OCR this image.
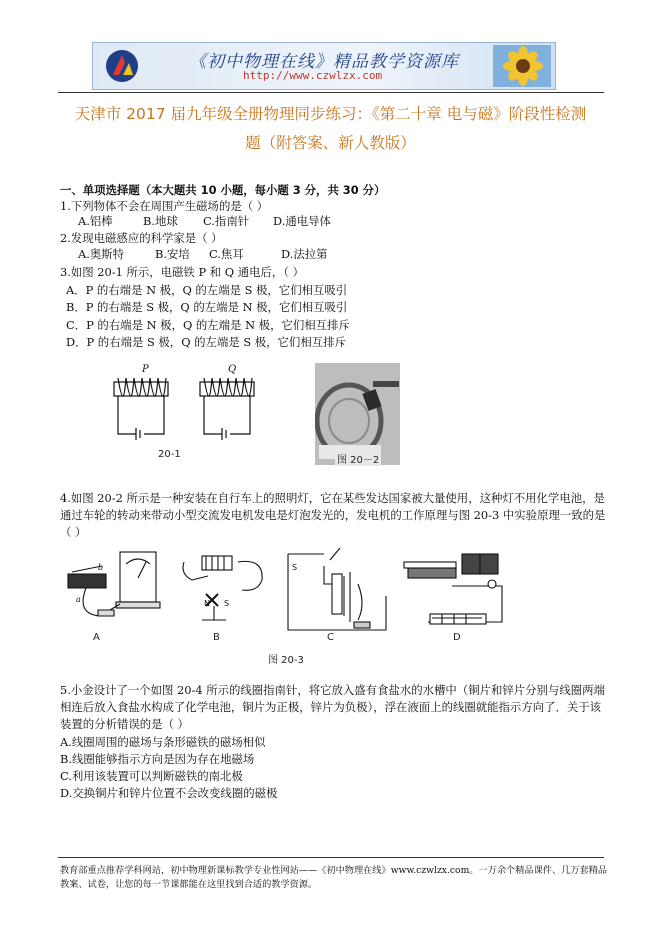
《初中物理在线》精品教学资源库
http://www.czwlzx.com
天津市 2017 届九年级全册物理同步练习：《第二十章 电与磁》阶段性检测
题（附答案、新人教版）
一、单项选择题（本大题共 10 小题，每小题 3 分，共 30 分）
1.下列物体不会在周围产生磁场的是（ ）
A.铝棒	B.地球 C.指南针 D.通电导体
2.发现电磁感应的科学家是（ ）
A.奥斯特	B.安培 C.焦耳	D.法拉第
3.如图 20-1 所示，电磁铁 P 和 Q 通电后，（ ）
A．P 的右端是 N 极，Q 的左端是 S 极，它们相互吸引
B．P 的右端是 S 极，Q 的左端是 N 极，它们相互吸引
C．P 的右端是 N 极，Q 的左端是 N 极，它们相互排斥
D．P 的右端是 S 极，Q 的左端是 S 极，它们相互排斥
P	Q
20-1
图 20－2
4.如图 20-2 所示是一种安装在自行车上的照明灯，它在某些发达国家被大量使用，这种灯不用化学电池，是通过车轮的转动来带动小型交流发电机发电是灯泡发光的，发电机的工作原理与图 20-3 中实验原理一致的是（ ）
b
a	N S
S
A	B	C	D
图 20-3
5.小金设计了一个如图 20-4 所示的线圈指南针，将它放入盛有食盐水的水槽中（铜片和锌片分别与线圈两端相连后放入食盐水构成了化学电池，铜片为正极，锌片为负极），浮在液面上的线圈就能指示方向了．关于该装置的分析错误的是（ ）
A.线圈周围的磁场与条形磁铁的磁场相似
B.线圈能够指示方向是因为存在地磁场
C.利用该装置可以判断磁铁的南北极
D.交换铜片和锌片位置不会改变线圈的磁极
教育部重点推荐学科网站，初中物理新课标教学专业性网站——《初中物理在线》www.czwlzx.com。一万余个精品课件、几万套精品教案、试卷，让您的每一节课都能在这里找到合适的教学资源。
